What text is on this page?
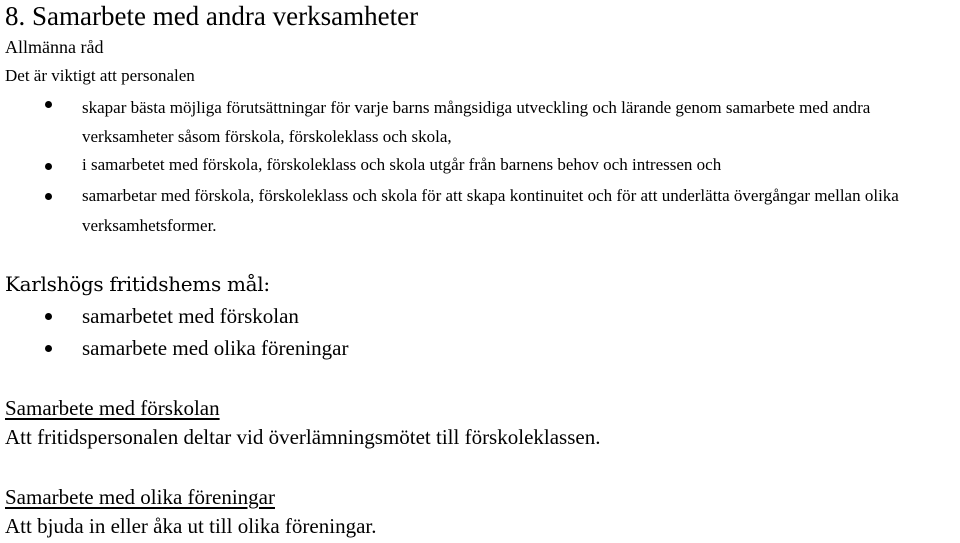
8. Samarbete med andra verksamheter
Allmänna råd

Det är viktigt att personalen

skapar bästa möjliga förutsättningar för varje barns mångsidiga utveckling och lärande genom samarbete med andra verksamheter såsom förskola, förskoleklass och skola,
i samarbetet med förskola, förskoleklass och skola utgår från barnens behov och intressen och
samarbetar med förskola, förskoleklass och skola för att skapa kontinuitet och för att underlätta övergångar mellan olika verksamhetsformer.
Karlshögs fritidshems mål:
samarbetet med förskolan
samarbete med olika föreningar
Samarbete med förskolan

Att fritidspersonalen deltar vid överlämningsmötet till förskoleklassen.

Samarbete med olika föreningar

Att bjuda in eller åka ut till olika föreningar.
